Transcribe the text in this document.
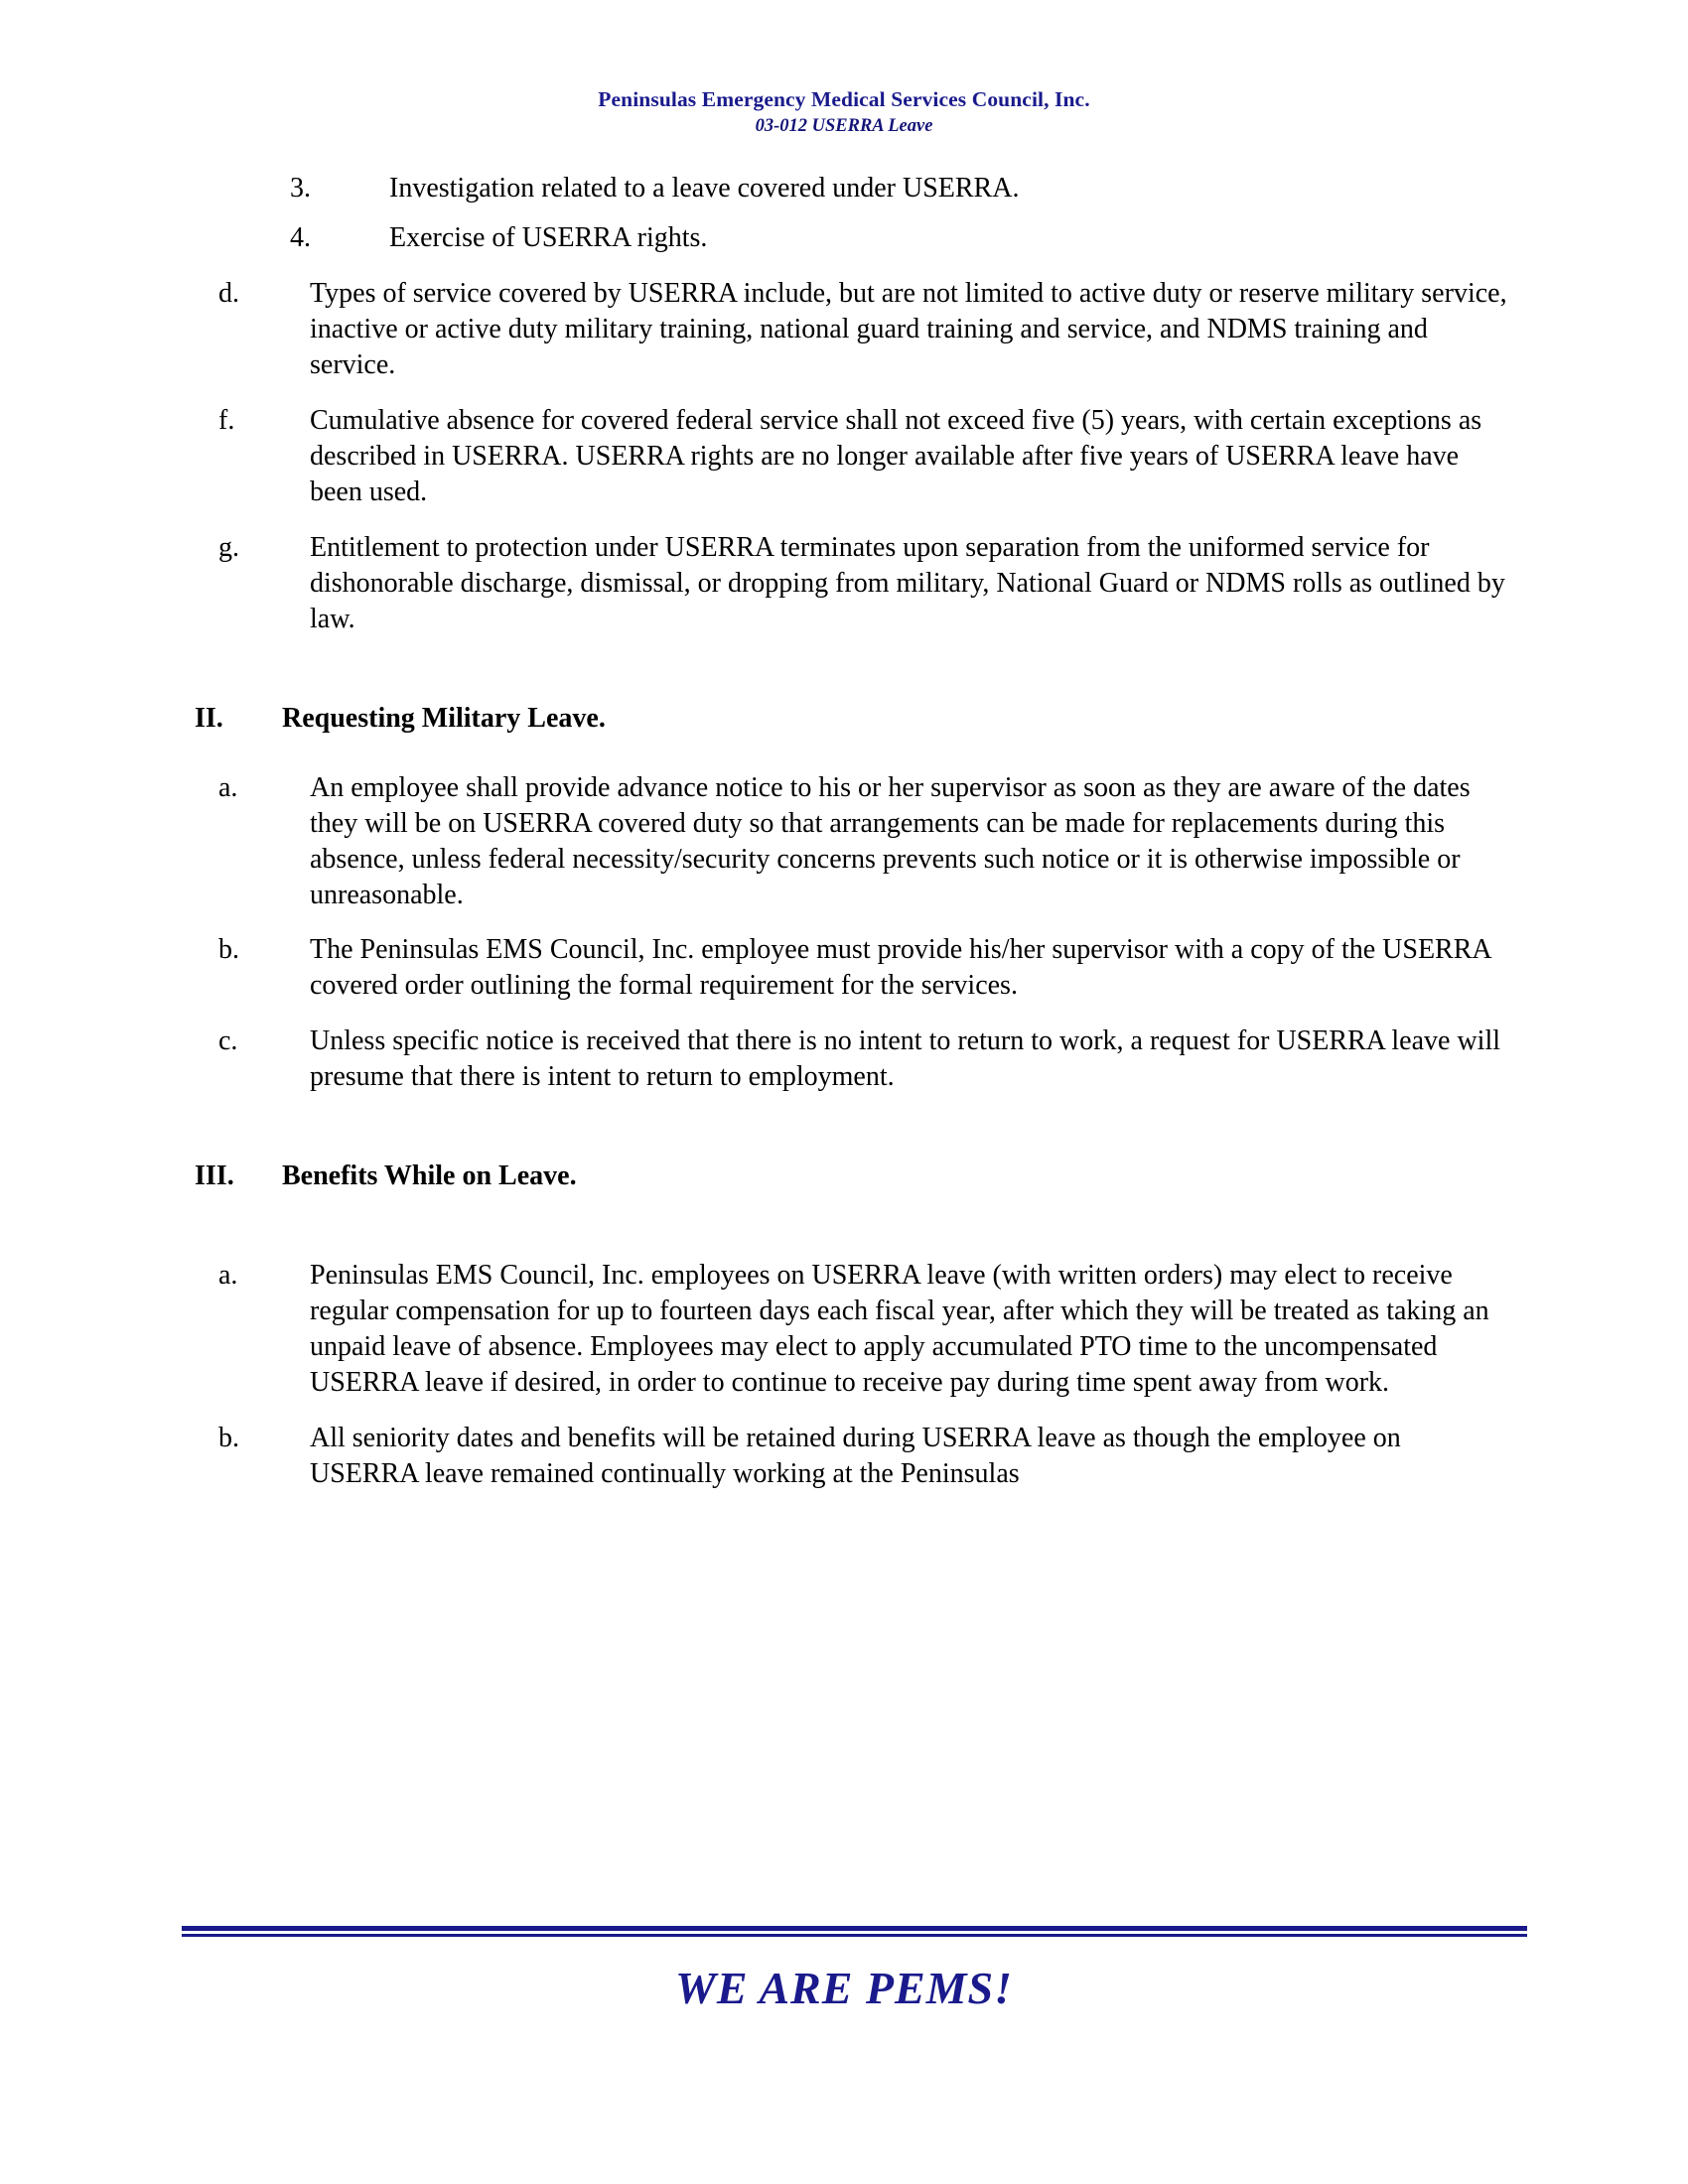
Peninsulas Emergency Medical Services Council, Inc.
03-012 USERRA Leave
3.	Investigation related to a leave covered under USERRA.
4.	Exercise of USERRA rights.
d.	Types of service covered by USERRA include, but are not limited to active duty or reserve military service, inactive or active duty military training, national guard training and service, and NDMS training and service.
f.	Cumulative absence for covered federal service shall not exceed five (5) years, with certain exceptions as described in USERRA. USERRA rights are no longer available after five years of USERRA leave have been used.
g.	Entitlement to protection under USERRA terminates upon separation from the uniformed service for dishonorable discharge, dismissal, or dropping from military, National Guard or NDMS rolls as outlined by law.
II.	Requesting Military Leave.
a.	An employee shall provide advance notice to his or her supervisor as soon as they are aware of the dates they will be on USERRA covered duty so that arrangements can be made for replacements during this absence, unless federal necessity/security concerns prevents such notice or it is otherwise impossible or unreasonable.
b.	The Peninsulas EMS Council, Inc. employee must provide his/her supervisor with a copy of the USERRA covered order outlining the formal requirement for the services.
c.	Unless specific notice is received that there is no intent to return to work, a request for USERRA leave will presume that there is intent to return to employment.
III.	Benefits While on Leave.
a.	Peninsulas EMS Council, Inc. employees on USERRA leave (with written orders) may elect to receive regular compensation for up to fourteen days each fiscal year, after which they will be treated as taking an unpaid leave of absence. Employees may elect to apply accumulated PTO time to the uncompensated USERRA leave if desired, in order to continue to receive pay during time spent away from work.
b.	All seniority dates and benefits will be retained during USERRA leave as though the employee on USERRA leave remained continually working at the Peninsulas
WE ARE PEMS!
